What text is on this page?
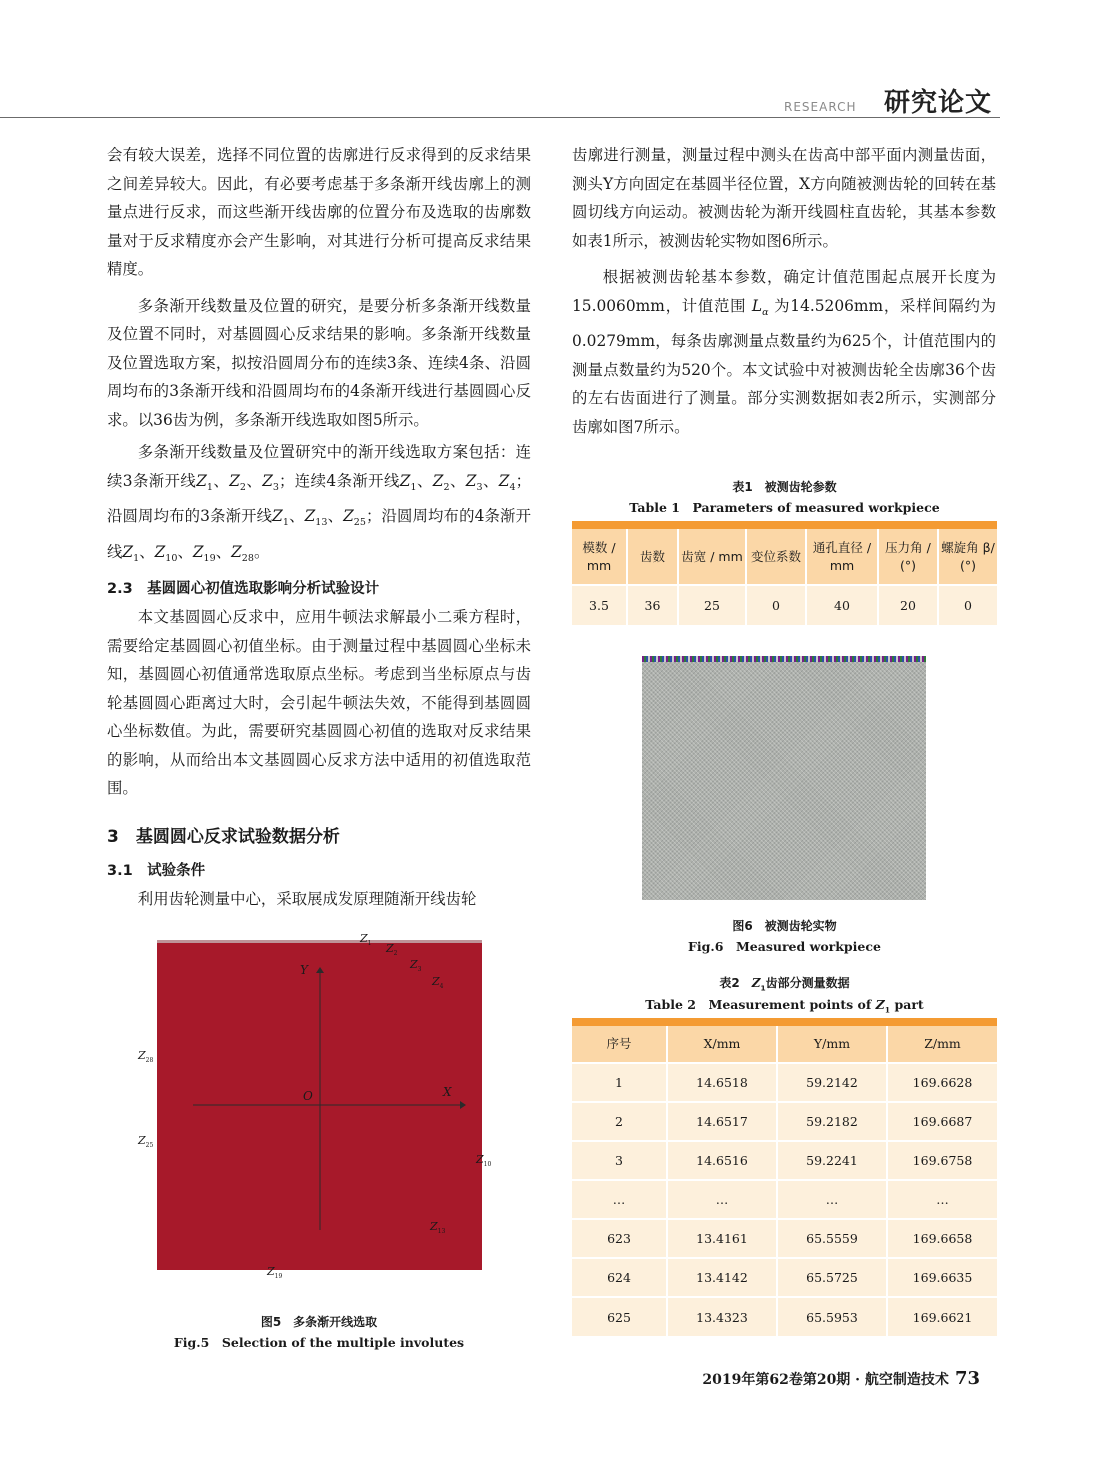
RESEARCH 研究论文

会有较大误差，选择不同位置的齿廓进行反求得到的反求结果之间差异较大。因此，有必要考虑基于多条渐开线齿廓上的测量点进行反求，而这些渐开线齿廓的位置分布及选取的齿廓数量对于反求精度亦会产生影响，对其进行分析可提高反求结果精度。

多条渐开线数量及位置的研究，是要分析多条渐开线数量及位置不同时，对基圆圆心反求结果的影响。多条渐开线数量及位置选取方案，拟按沿圆周分布的连续3条、连续4条、沿圆周均布的3条渐开线和沿圆周均布的4条渐开线进行基圆圆心反求。以36齿为例，多条渐开线选取如图5所示。

多条渐开线数量及位置研究中的渐开线选取方案包括：连续3条渐开线$Z_1$、$Z_2$、$Z_3$；连续4条渐开线$Z_1$、$Z_2$、$Z_3$、$Z_4$；沿圆周均布的3条渐开线$Z_1$、$Z_{13}$、$Z_{25}$；沿圆周均布的4条渐开线$Z_1$、$Z_{10}$、$Z_{19}$、$Z_{28}$。

2.3　基圆圆心初值选取影响分析试验设计

本文基圆圆心反求中，应用牛顿法求解最小二乘方程时，需要给定基圆圆心初值坐标。由于测量过程中基圆圆心坐标未知，基圆圆心初值通常选取原点坐标。考虑到当坐标原点与齿轮基圆圆心距离过大时，会引起牛顿法失效，不能得到基圆圆心坐标数值。为此，需要研究基圆圆心初值的选取对反求结果的影响，从而给出本文基圆圆心反求方法中适用的初值选取范围。

3　基圆圆心反求试验数据分析
3.1　试验条件

利用齿轮测量中心，采取展成发原理随渐开线齿轮

Y
X
O
$Z_1$ $Z_2$
$Z_3$
$Z_4$
$Z_{10}$
$Z_{13}$
$Z_{19}$
$Z_{25}$
$Z_{28}$
图5　多条渐开线选取
Fig.5　Selection of the multiple involutes

齿廓进行测量，测量过程中测头在齿高中部平面内测量齿面，测头Y方向固定在基圆半径位置，X方向随被测齿轮的回转在基圆切线方向运动。被测齿轮为渐开线圆柱直齿轮，其基本参数如表1所示，被测齿轮实物如图6所示。

根据被测齿轮基本参数，确定计值范围起点展开长度为15.0060mm，计值范围 $L_\alpha$ 为14.5206mm，采样间隔约为0.0279mm，每条齿廓测量点数量约为625个，计值范围内的测量点数量约为520个。本文试验中对被测齿轮全齿廓36个齿的左右齿面进行了测量。部分实测数据如表2所示，实测部分齿廓如图7所示。

表1　被测齿轮参数
Table 1　Parameters of measured workpiece
模数 / mm	齿数	齿宽 / mm	变位系数	通孔直径 / mm	压力角 / (°)	螺旋角 β/ (°)
3.5	36	25	0	40	20	0
图6　被测齿轮实物
Fig.6　Measured workpiece
表2　$Z_1$齿部分测量数据
Table 2　Measurement points of $Z_1$ part
序号	X/mm	Y/mm	Z/mm
1	14.6518	59.2142	169.6628
2	14.6517	59.2182	169.6687
3	14.6516	59.2241	169.6758
…	…	…	…
623	13.4161	65.5559	169.6658
624	13.4142	65.5725	169.6635
625	13.4323	65.5953	169.6621
2019年第62卷第20期 · 航空制造技术 73
